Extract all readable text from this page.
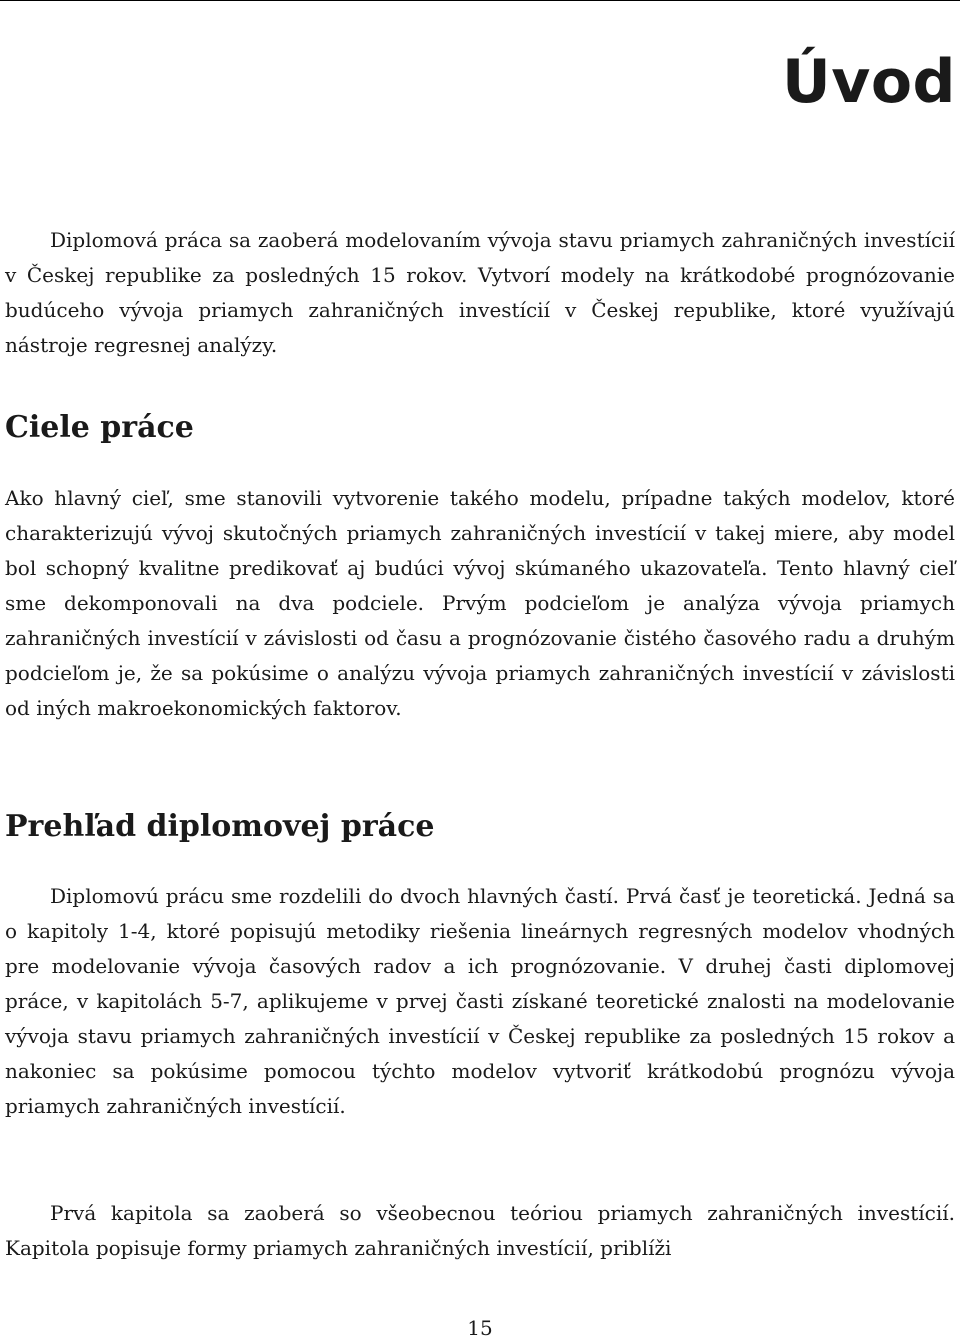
Úvod

Diplomová práca sa zaoberá modelovaním vývoja stavu priamych zahraničných investícií v Českej republike za posledných 15 rokov. Vytvorí modely na krátkodobé prognózovanie budúceho vývoja priamych zahraničných investícií v Českej republike, ktoré využívajú nástroje regresnej analýzy.

Ciele práce

Ako hlavný cieľ, sme stanovili vytvorenie takého modelu, prípadne takých modelov, ktoré charakterizujú vývoj skutočných priamych zahraničných investícií v takej miere, aby model bol schopný kvalitne predikovať aj budúci vývoj skúmaného ukazovateľa. Tento hlavný cieľ sme dekomponovali na dva podciele. Prvým podcieľom je analýza vývoja priamych zahraničných investícií v závislosti od času a prognózovanie čistého časového radu a druhým podcieľom je, že sa pokúsime o analýzu vývoja priamych zahraničných investícií v závislosti od iných makroekonomických faktorov.

Prehľad diplomovej práce

Diplomovú prácu sme rozdelili do dvoch hlavných častí. Prvá časť je teoretická. Jedná sa o kapitoly 1-4, ktoré popisujú metodiky riešenia lineárnych regresných modelov vhodných pre modelovanie vývoja časových radov a ich prognózovanie. V druhej časti diplomovej práce, v kapitolách 5-7, aplikujeme v prvej časti získané teoretické znalosti na modelovanie vývoja stavu priamych zahraničných investícií v Českej republike za posledných 15 rokov a nakoniec sa pokúsime pomocou týchto modelov vytvoriť krátkodobú prognózu vývoja priamych zahraničných investícií.

Prvá kapitola sa zaoberá so všeobecnou teóriou priamych zahraničných investícií. Kapitola popisuje formy priamych zahraničných investícií, priblíži

15
